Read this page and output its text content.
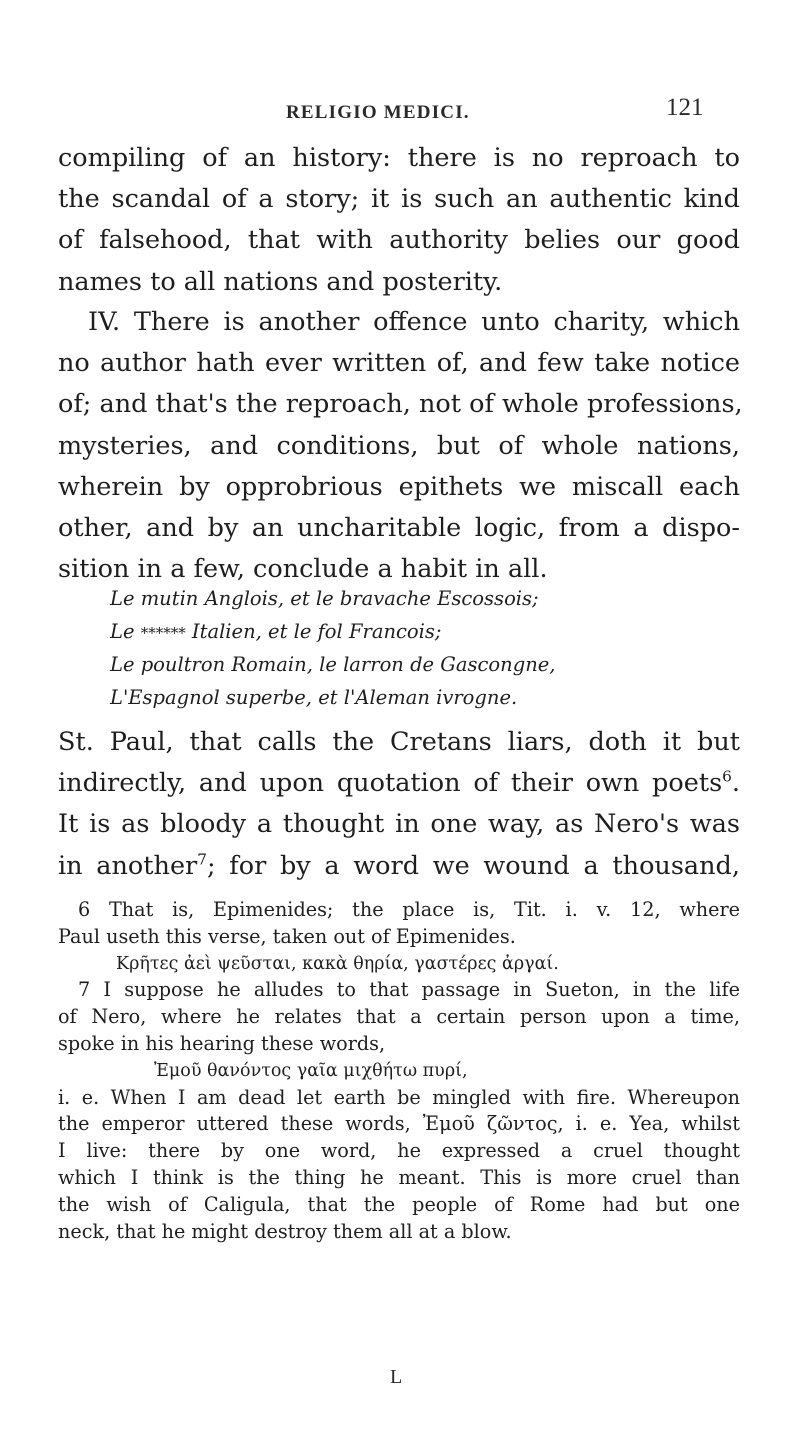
RELIGIO MEDICI.	121
compiling of an history: there is no reproach to
the scandal of a story; it is such an authentic kind
of falsehood, that with authority belies our good
names to all nations and posterity.
IV. There is another offence unto charity, which
no author hath ever written of, and few take notice
of; and that's the reproach, not of whole professions,
mysteries, and conditions, but of whole nations,
wherein by opprobrious epithets we miscall each
other, and by an uncharitable logic, from a dispo-
sition in a few, conclude a habit in all.
Le mutin Anglois, et le bravache Escossois;
Le ****** Italien, et le fol Francois;
Le poultron Romain, le larron de Gascongne,
L'Espagnol superbe, et l'Aleman ivrogne.
St. Paul, that calls the Cretans liars, doth it but
indirectly, and upon quotation of their own poets$^6$.
It is as bloody a thought in one way, as Nero's was
in another$^7$; for by a word we wound a thousand,
6 That is, Epimenides; the place is, Tit. i. v. 12, where
Paul useth this verse, taken out of Epimenides.
Κρῆτες ἀεὶ ψεῦσται, κακὰ θηρία, γαστέρες ἀργαί.
7 I suppose he alludes to that passage in Sueton, in the life
of Nero, where he relates that a certain person upon a time,
spoke in his hearing these words,
Ἐμοῦ θανόντος γαῖα μιχθήτω πυρί,
i. e. When I am dead let earth be mingled with fire. Whereupon
the emperor uttered these words, Ἐμοῦ ζῶντος, i. e. Yea, whilst
I live: there by one word, he expressed a cruel thought
which I think is the thing he meant. This is more cruel than
the wish of Caligula, that the people of Rome had but one
neck, that he might destroy them all at a blow.
L
